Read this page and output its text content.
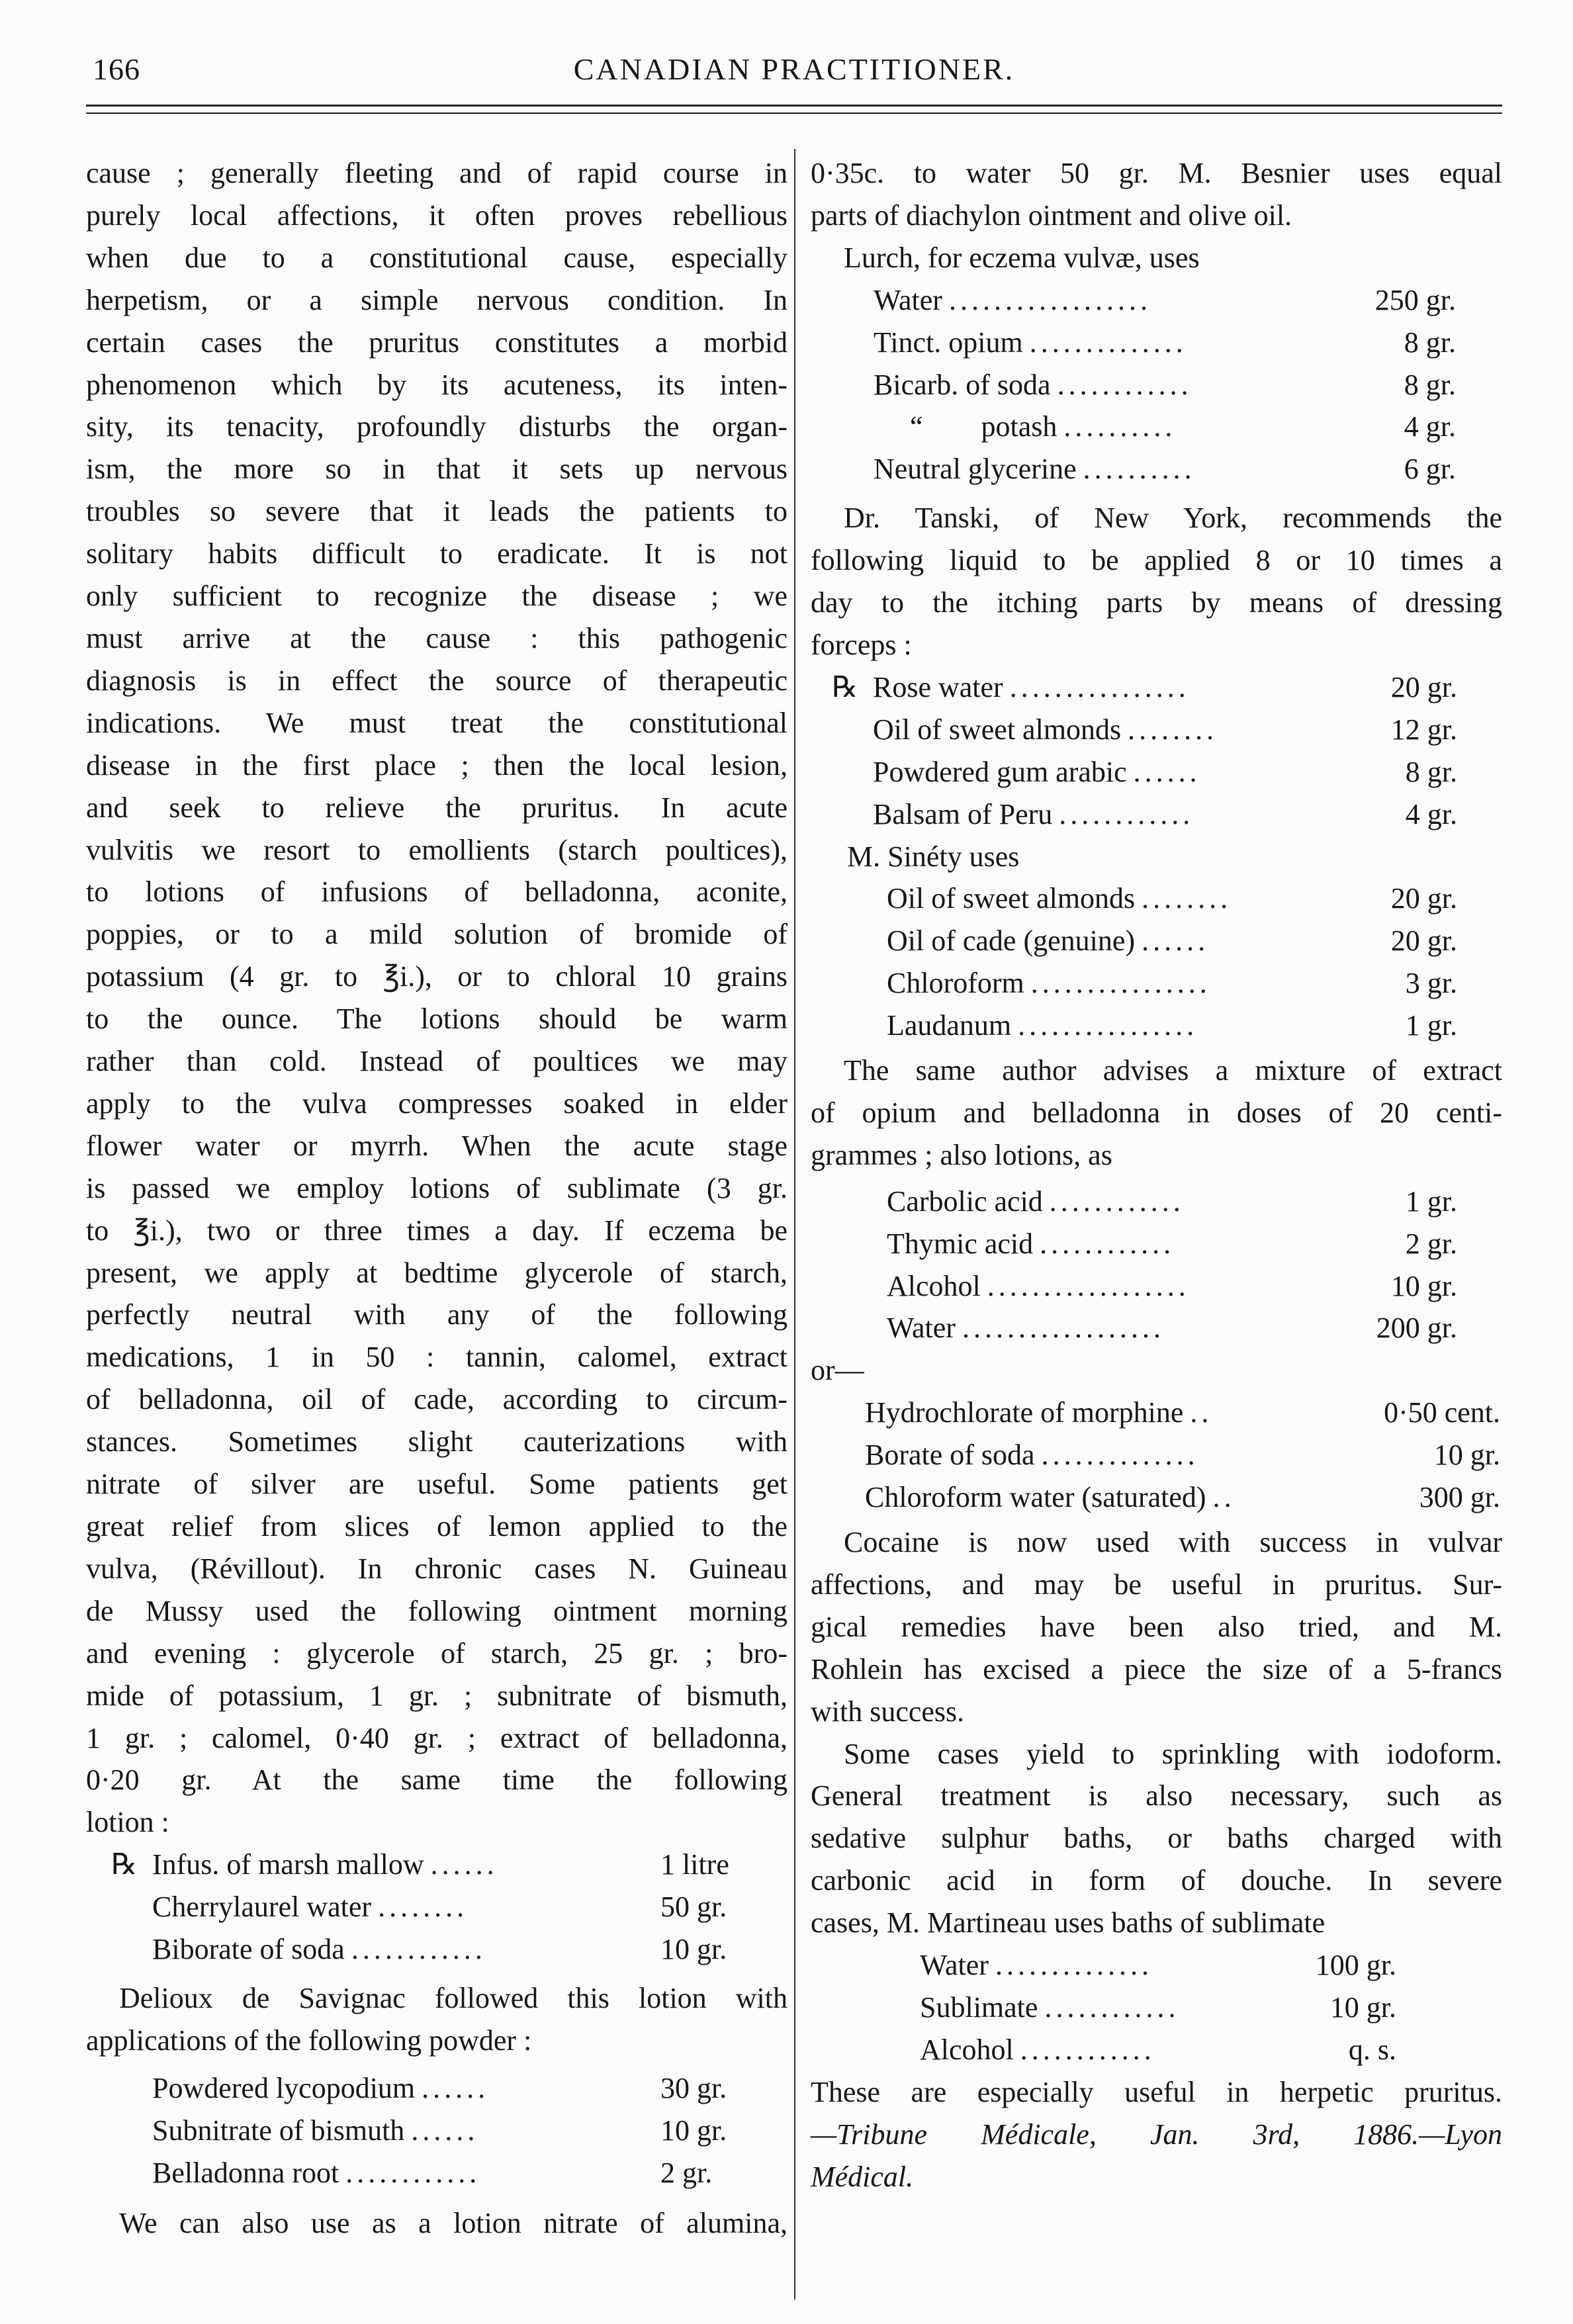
CANADIAN PRACTITIONER.
166
cause ; generally fleeting and of rapid course in
purely local affections, it often proves rebellious
when due to a constitutional cause, especially
herpetism, or a simple nervous condition. In
certain cases the pruritus constitutes a morbid
phenomenon which by its acuteness, its inten-
sity, its tenacity, profoundly disturbs the organ-
ism, the more so in that it sets up nervous
troubles so severe that it leads the patients to
solitary habits difficult to eradicate. It is not
only sufficient to recognize the disease ; we
must arrive at the cause : this pathogenic
diagnosis is in effect the source of therapeutic
indications. We must treat the constitutional
disease in the first place ; then the local lesion,
and seek to relieve the pruritus. In acute
vulvitis we resort to emollients (starch poultices),
to lotions of infusions of belladonna, aconite,
poppies, or to a mild solution of bromide of
potassium (4 gr. to ℥i.), or to chloral 10 grains
to the ounce. The lotions should be warm
rather than cold. Instead of poultices we may
apply to the vulva compresses soaked in elder
flower water or myrrh. When the acute stage
is passed we employ lotions of sublimate (3 gr.
to ℥i.), two or three times a day. If eczema be
present, we apply at bedtime glycerole of starch,
perfectly neutral with any of the following
medications, 1 in 50 : tannin, calomel, extract
of belladonna, oil of cade, according to circum-
stances. Sometimes slight cauterizations with
nitrate of silver are useful. Some patients get
great relief from slices of lemon applied to the
vulva, (Révillout). In chronic cases N. Guineau
de Mussy used the following ointment morning
and evening : glycerole of starch, 25 gr. ; bro-
mide of potassium, 1 gr. ; subnitrate of bismuth,
1 gr. ; calomel, 0·40 gr. ; extract of belladonna,
0·20 gr. At the same time the following
lotion :
℞ Infus. of marsh mallow ......	1 litre
Cherrylaurel water ........	50 gr.
Biborate of soda ............	10 gr.
Delioux de Savignac followed this lotion with
applications of the following powder :
Powdered lycopodium ......	30 gr.
Subnitrate of bismuth ......	10 gr.
Belladonna root ............	2 gr.
We can also use as a lotion nitrate of alumina,
0·35c. to water 50 gr. M. Besnier uses equal
parts of diachylon ointment and olive oil.
Lurch, for eczema vulvæ, uses
Water ..................	250 gr.
Tinct. opium ..............	8 gr.
Bicarb. of soda ............	8 gr.
“        potash ..........	4 gr.
Neutral glycerine ..........	6 gr.
Dr. Tanski, of New York, recommends the
following liquid to be applied 8 or 10 times a
day to the itching parts by means of dressing
forceps :
℞ Rose water ................	20 gr.
Oil of sweet almonds ........	12 gr.
Powdered gum arabic ......	8 gr.
Balsam of Peru ............	4 gr.
M. Sinéty uses
Oil of sweet almonds ........	20 gr.
Oil of cade (genuine) ......	20 gr.
Chloroform ................	3 gr.
Laudanum ................	1 gr.
The same author advises a mixture of extract
of opium and belladonna in doses of 20 centi-
grammes ; also lotions, as
Carbolic acid ............	1 gr.
Thymic acid ............	2 gr.
Alcohol ..................	10 gr.
Water ..................	200 gr.
or—
Hydrochlorate of morphine ..	0·50 cent.
Borate of soda ..............	10 gr.
Chloroform water (saturated) ..	300 gr.
Cocaine is now used with success in vulvar
affections, and may be useful in pruritus. Sur-
gical remedies have been also tried, and M.
Rohlein has excised a piece the size of a 5-francs
with success.
Some cases yield to sprinkling with iodoform.
General treatment is also necessary, such as
sedative sulphur baths, or baths charged with
carbonic acid in form of douche. In severe
cases, M. Martineau uses baths of sublimate
Water ..............	100 gr.
Sublimate ............	10 gr.
Alcohol ............	q. s.
These are especially useful in herpetic pruritus.
—Tribune Médicale, Jan. 3rd, 1886.—Lyon
Médical.
